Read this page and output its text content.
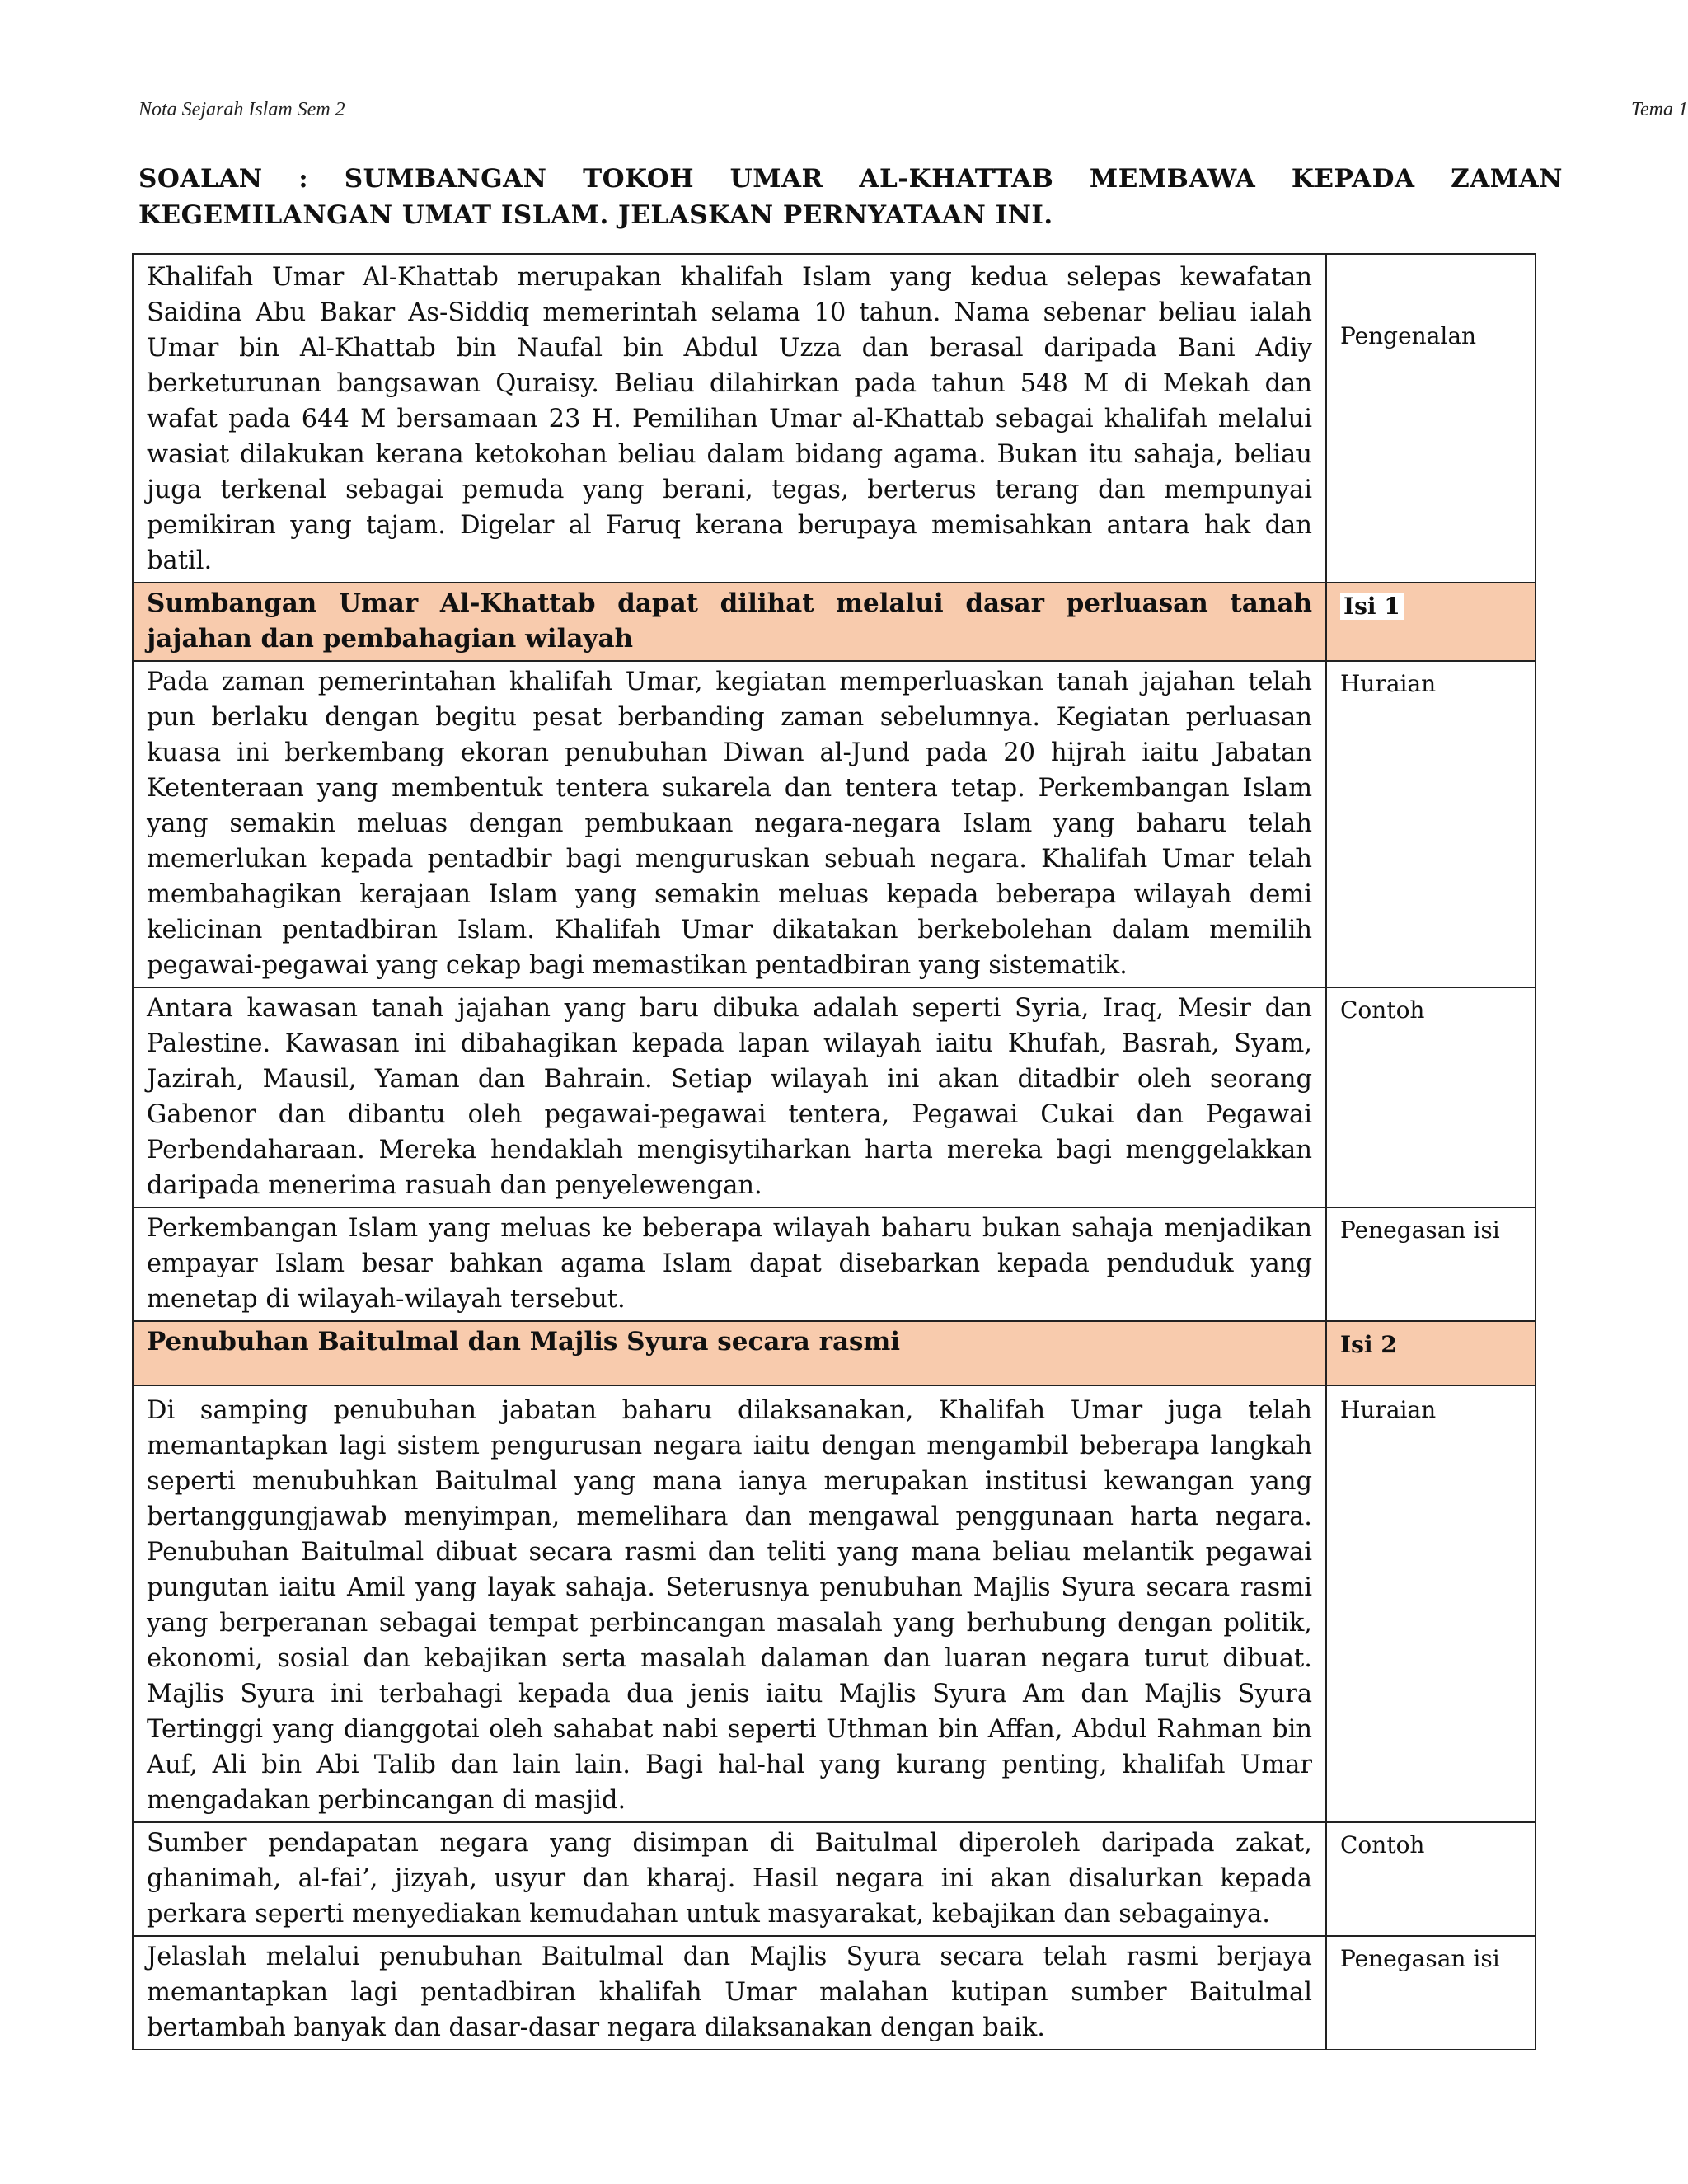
Nota Sejarah Islam Sem 2	Tema 1
SOALAN : SUMBANGAN TOKOH UMAR AL-KHATTAB MEMBAWA KEPADA ZAMAN KEGEMILANGAN UMAT ISLAM. JELASKAN PERNYATAAN INI.
Khalifah Umar Al-Khattab merupakan khalifah Islam yang kedua selepas kewafatan Saidina Abu Bakar As-Siddiq memerintah selama 10 tahun. Nama sebenar beliau ialah Umar bin Al-Khattab bin Naufal bin Abdul Uzza dan berasal daripada Bani Adiy berketurunan bangsawan Quraisy. Beliau dilahirkan pada tahun 548 M di Mekah dan wafat pada 644 M bersamaan 23 H. Pemilihan Umar al-Khattab sebagai khalifah melalui wasiat dilakukan kerana ketokohan beliau dalam bidang agama. Bukan itu sahaja, beliau juga terkenal sebagai pemuda yang berani, tegas, berterus terang dan mempunyai pemikiran yang tajam. Digelar al Faruq kerana berupaya memisahkan antara hak dan batil.	Pengenalan
Sumbangan Umar Al-Khattab dapat dilihat melalui dasar perluasan tanah jajahan dan pembahagian wilayah	Isi 1
Pada zaman pemerintahan khalifah Umar, kegiatan memperluaskan tanah jajahan telah pun berlaku dengan begitu pesat berbanding zaman sebelumnya. Kegiatan perluasan kuasa ini berkembang ekoran penubuhan Diwan al-Jund pada 20 hijrah iaitu Jabatan Ketenteraan yang membentuk tentera sukarela dan tentera tetap. Perkembangan Islam yang semakin meluas dengan pembukaan negara-negara Islam yang baharu telah memerlukan kepada pentadbir bagi menguruskan sebuah negara. Khalifah Umar telah membahagikan kerajaan Islam yang semakin meluas kepada beberapa wilayah demi kelicinan pentadbiran Islam. Khalifah Umar dikatakan berkebolehan dalam memilih pegawai-pegawai yang cekap bagi memastikan pentadbiran yang sistematik.	Huraian
Antara kawasan tanah jajahan yang baru dibuka adalah seperti Syria, Iraq, Mesir dan Palestine. Kawasan ini dibahagikan kepada lapan wilayah iaitu Khufah, Basrah, Syam, Jazirah, Mausil, Yaman dan Bahrain. Setiap wilayah ini akan ditadbir oleh seorang Gabenor dan dibantu oleh pegawai-pegawai tentera, Pegawai Cukai dan Pegawai Perbendaharaan. Mereka hendaklah mengisytiharkan harta mereka bagi menggelakkan daripada menerima rasuah dan penyelewengan.	Contoh
Perkembangan Islam yang meluas ke beberapa wilayah baharu bukan sahaja menjadikan empayar Islam besar bahkan agama Islam dapat disebarkan kepada penduduk yang menetap di wilayah-wilayah tersebut.	Penegasan isi
Penubuhan Baitulmal dan Majlis Syura secara rasmi	Isi 2
Di samping penubuhan jabatan baharu dilaksanakan, Khalifah Umar juga telah memantapkan lagi sistem pengurusan negara iaitu dengan mengambil beberapa langkah seperti menubuhkan Baitulmal yang mana ianya merupakan institusi kewangan yang bertanggungjawab menyimpan, memelihara dan mengawal penggunaan harta negara. Penubuhan Baitulmal dibuat secara rasmi dan teliti yang mana beliau melantik pegawai pungutan iaitu Amil yang layak sahaja. Seterusnya penubuhan Majlis Syura secara rasmi yang berperanan sebagai tempat perbincangan masalah yang berhubung dengan politik, ekonomi, sosial dan kebajikan serta masalah dalaman dan luaran negara turut dibuat. Majlis Syura ini terbahagi kepada dua jenis iaitu Majlis Syura Am dan Majlis Syura Tertinggi yang dianggotai oleh sahabat nabi seperti Uthman bin Affan, Abdul Rahman bin Auf, Ali bin Abi Talib dan lain lain. Bagi hal-hal yang kurang penting, khalifah Umar mengadakan perbincangan di masjid.	Huraian
Sumber pendapatan negara yang disimpan di Baitulmal diperoleh daripada zakat, ghanimah, al-fai’, jizyah, usyur dan kharaj. Hasil negara ini akan disalurkan kepada perkara seperti menyediakan kemudahan untuk masyarakat, kebajikan dan sebagainya.	Contoh
Jelaslah melalui penubuhan Baitulmal dan Majlis Syura secara telah rasmi berjaya memantapkan lagi pentadbiran khalifah Umar malahan kutipan sumber Baitulmal bertambah banyak dan dasar-dasar negara dilaksanakan dengan baik.	Penegasan isi
